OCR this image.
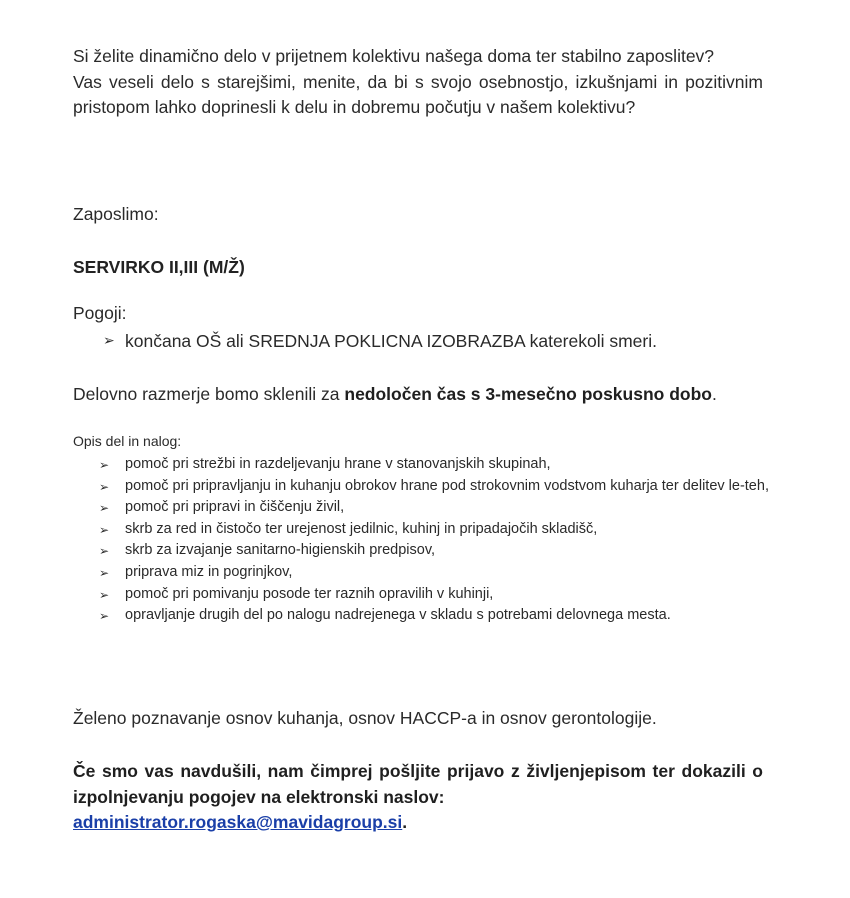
Si želite dinamično delo v prijetnem kolektivu našega doma ter stabilno zaposlitev?

Vas veseli delo s starejšimi, menite, da bi s svojo osebnostjo, izkušnjami in pozitivnim pristopom lahko doprinesli k delu in dobremu počutju v našem kolektivu?

Zaposlimo:

SERVIRKO II,III (M/Ž)

Pogoji:

➢ končana OŠ ali SREDNJA POKLICNA IZOBRAZBA katerekoli smeri.

Delovno razmerje bomo sklenili za nedoločen čas s 3-mesečno poskusno dobo.

Opis del in nalog:

➢ pomoč pri strežbi in razdeljevanju hrane v stanovanjskih skupinah,
➢ pomoč pri pripravljanju in kuhanju obrokov hrane pod strokovnim vodstvom kuharja ter delitev le-teh,
➢ pomoč pri pripravi in čiščenju živil,
➢ skrb za red in čistočo ter urejenost jedilnic, kuhinj in pripadajočih skladišč,
➢ skrb za izvajanje sanitarno-higienskih predpisov,
➢ priprava miz in pogrinjkov,
➢ pomoč pri pomivanju posode ter raznih opravilih v kuhinji,
➢ opravljanje drugih del po nalogu nadrejenega v skladu s potrebami delovnega mesta.

Želeno poznavanje osnov kuhanja, osnov HACCP-a in osnov gerontologije.

Če smo vas navdušili, nam čimprej pošljite prijavo z življenjepisom ter dokazili o izpolnjevanju pogojev na elektronski naslov:
administrator.rogaska@mavidagroup.si.
